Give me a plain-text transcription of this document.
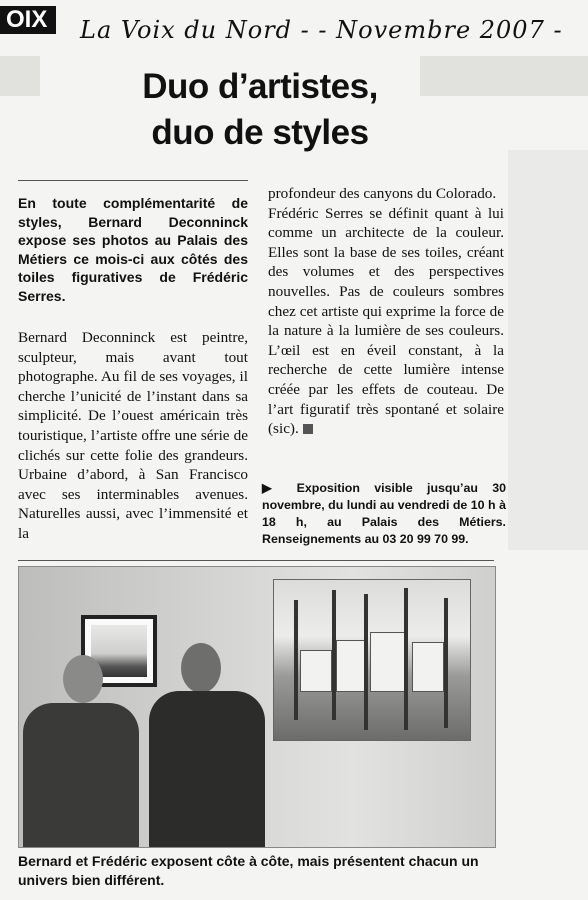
OIX	La Voix du Nord - - Novembre 2007 -
Duo d’artistes,
duo de styles
En toute complémentarité de styles, Bernard Deconninck expose ses photos au Palais des Métiers ce mois-ci aux côtés des toiles figuratives de Frédéric Serres.

Bernard Deconninck est peintre, sculpteur, mais avant tout photographe. Au fil de ses voyages, il cherche l’unicité de l’instant dans sa simplicité. De l’ouest américain très touristique, l’artiste offre une série de clichés sur cette folie des grandeurs. Urbaine d’abord, à San Francisco avec ses interminables avenues. Naturelles aussi, avec l’immensité et la

profondeur des canyons du Colorado.

Frédéric Serres se définit quant à lui comme un architecte de la couleur. Elles sont la base de ses toiles, créant des volumes et des perspectives nouvelles. Pas de couleurs sombres chez cet artiste qui exprime la force de la nature à la lumière de ses couleurs. L’œil est en éveil constant, à la recherche de cette lumière intense créée par les effets de couteau. De l’art figuratif très spontané et solaire (sic).

▶ Exposition visible jusqu’au 30 novembre, du lundi au vendredi de 10 h à 18 h, au Palais des Métiers. Renseignements au 03 20 99 70 99.
Bernard et Frédéric exposent côte à côte, mais présentent chacun un univers bien différent.
